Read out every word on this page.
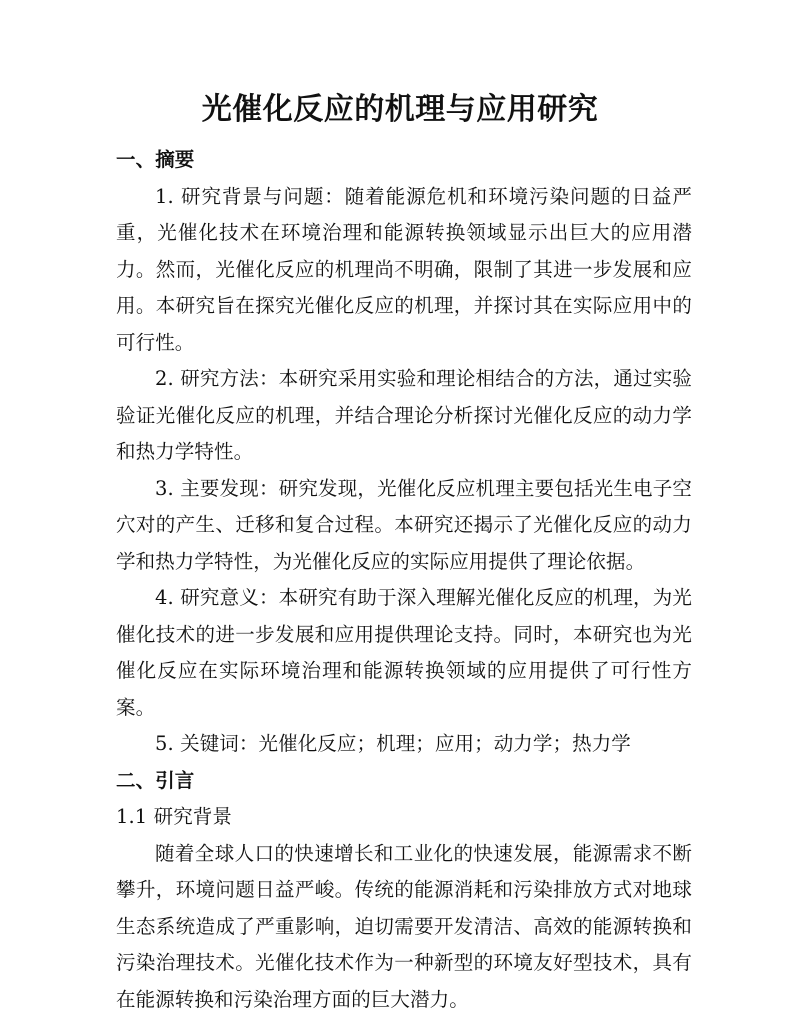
光催化反应的机理与应用研究
一、摘要

1. 研究背景与问题：随着能源危机和环境污染问题的日益严重，光催化技术在环境治理和能源转换领域显示出巨大的应用潜力。然而，光催化反应的机理尚不明确，限制了其进一步发展和应用。本研究旨在探究光催化反应的机理，并探讨其在实际应用中的可行性。

2. 研究方法：本研究采用实验和理论相结合的方法，通过实验验证光催化反应的机理，并结合理论分析探讨光催化反应的动力学和热力学特性。

3. 主要发现：研究发现，光催化反应机理主要包括光生电子空穴对的产生、迁移和复合过程。本研究还揭示了光催化反应的动力学和热力学特性，为光催化反应的实际应用提供了理论依据。

4. 研究意义：本研究有助于深入理解光催化反应的机理，为光催化技术的进一步发展和应用提供理论支持。同时，本研究也为光催化反应在实际环境治理和能源转换领域的应用提供了可行性方案。

5. 关键词：光催化反应；机理；应用；动力学；热力学

二、引言

1.1 研究背景

随着全球人口的快速增长和工业化的快速发展，能源需求不断攀升，环境问题日益严峻。传统的能源消耗和污染排放方式对地球生态系统造成了严重影响，迫切需要开发清洁、高效的能源转换和污染治理技术。光催化技术作为一种新型的环境友好型技术，具有在能源转换和污染治理方面的巨大潜力。
